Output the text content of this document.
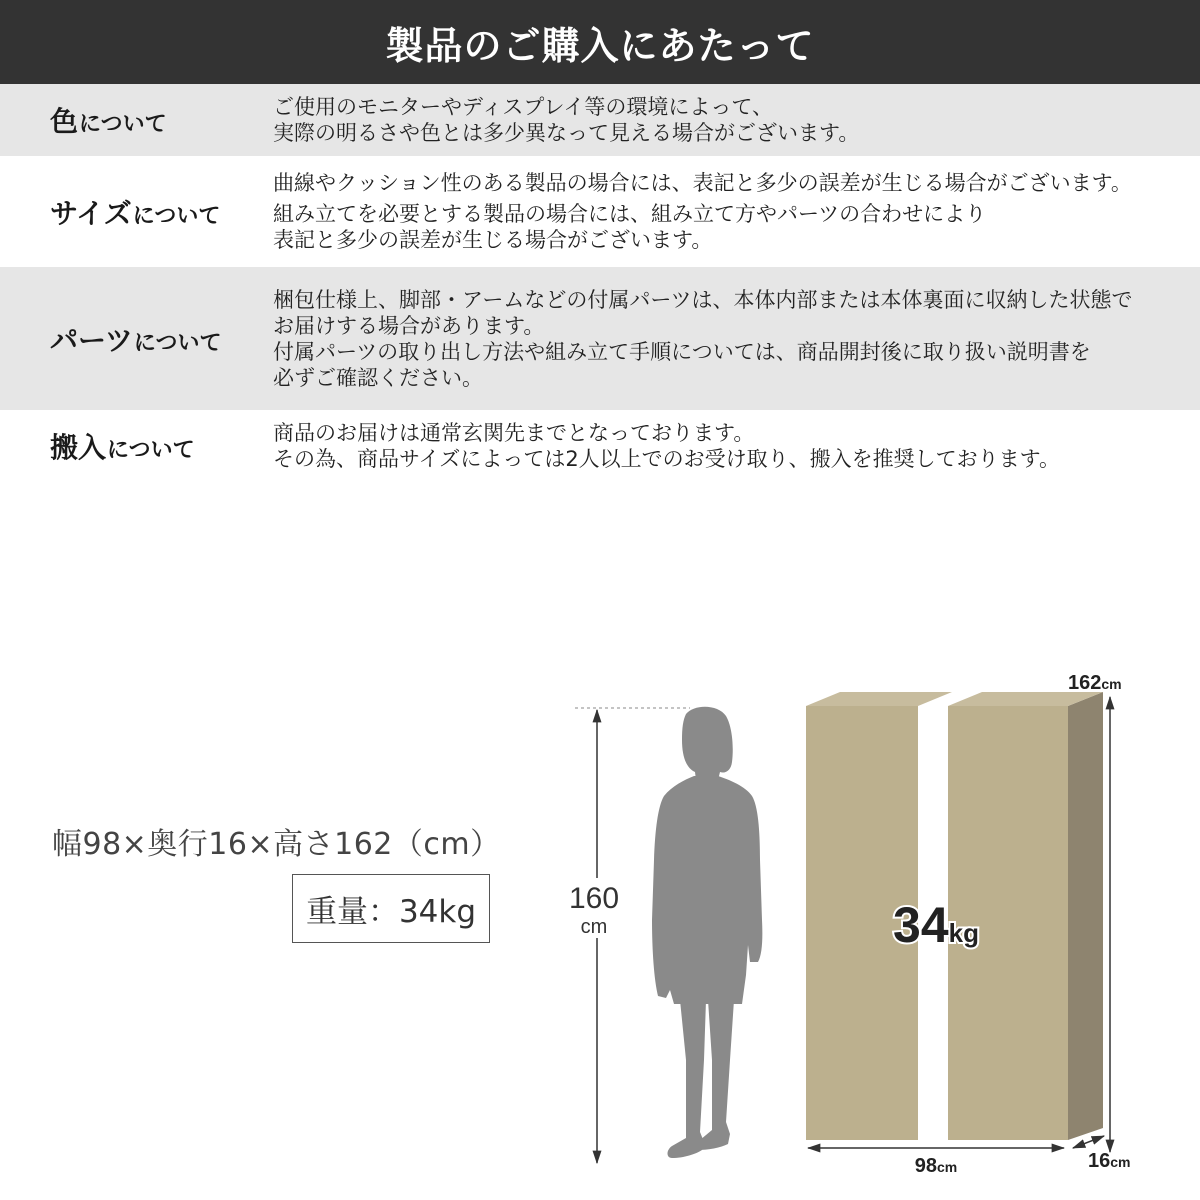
製品のご購入にあたって
色について
ご使用のモニターやディスプレイ等の環境によって、
実際の明るさや色とは多少異なって見える場合がございます。
サイズについて
曲線やクッション性のある製品の場合には、表記と多少の誤差が生じる場合がございます。
組み立てを必要とする製品の場合には、組み立て方やパーツの合わせにより
表記と多少の誤差が生じる場合がございます。
パーツについて
梱包仕様上、脚部・アームなどの付属パーツは、本体内部または本体裏面に収納した状態で
お届けする場合があります。
付属パーツの取り出し方法や組み立て手順については、商品開封後に取り扱い説明書を
必ずご確認ください。
搬入について
商品のお届けは通常玄関先までとなっております。
その為、商品サイズによっては2人以上でのお受け取り、搬入を推奨しております。
幅98×奥行16×高さ162（cm）
重量：34kg	160
cm	34kg
162cm
98cm	16cm
